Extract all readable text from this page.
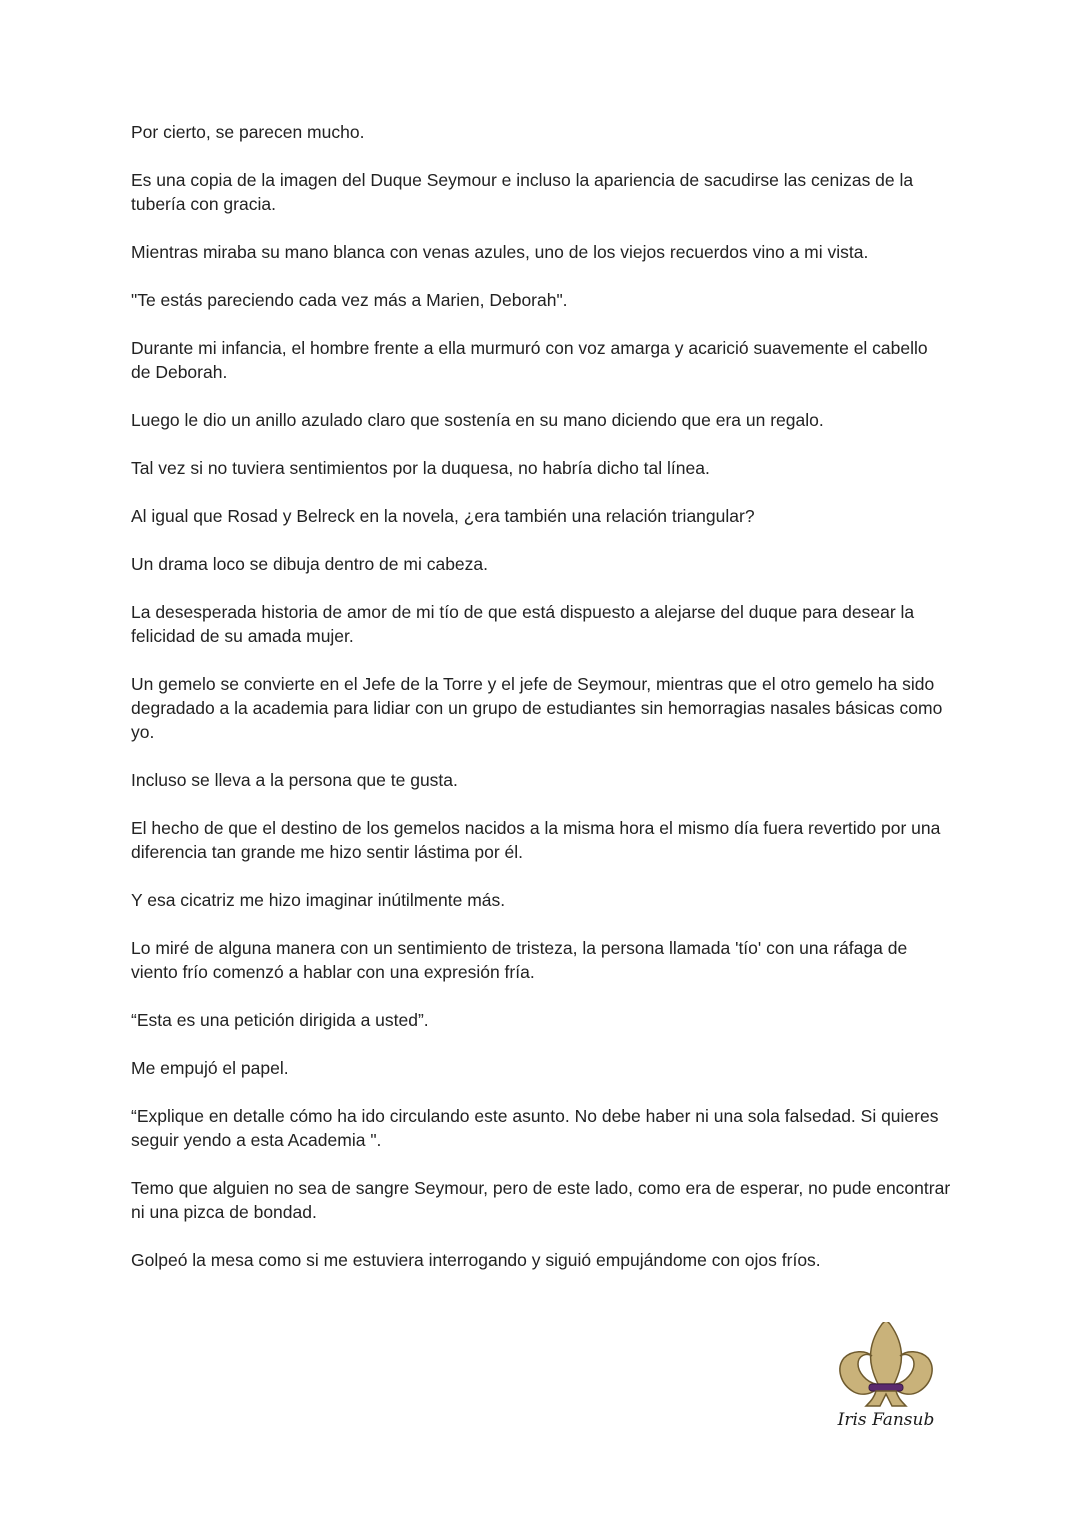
Por cierto, se parecen mucho.

Es una copia de la imagen del Duque Seymour e incluso la apariencia de sacudirse las cenizas de la tubería con gracia.

Mientras miraba su mano blanca con venas azules, uno de los viejos recuerdos vino a mi vista.

"Te estás pareciendo cada vez más a Marien, Deborah".

Durante mi infancia, el hombre frente a ella murmuró con voz amarga y acarició suavemente el cabello de Deborah.

Luego le dio un anillo azulado claro que sostenía en su mano diciendo que era un regalo.

Tal vez si no tuviera sentimientos por la duquesa, no habría dicho tal línea.

Al igual que Rosad y Belreck en la novela, ¿era también una relación triangular?

Un drama loco se dibuja dentro de mi cabeza.

La desesperada historia de amor de mi tío de que está dispuesto a alejarse del duque para desear la felicidad de su amada mujer.

Un gemelo se convierte en el Jefe de la Torre y el jefe de Seymour, mientras que el otro gemelo ha sido degradado a la academia para lidiar con un grupo de estudiantes sin hemorragias nasales básicas como yo.

Incluso se lleva a la persona que te gusta.

El hecho de que el destino de los gemelos nacidos a la misma hora el mismo día fuera revertido por una diferencia tan grande me hizo sentir lástima por él.

Y esa cicatriz me hizo imaginar inútilmente más.

Lo miré de alguna manera con un sentimiento de tristeza, la persona llamada 'tío' con una ráfaga de viento frío comenzó a hablar con una expresión fría.

“Esta es una petición dirigida a usted”.

Me empujó el papel.

“Explique en detalle cómo ha ido circulando este asunto. No debe haber ni una sola falsedad. Si quieres seguir yendo a esta Academia ".

Temo que alguien no sea de sangre Seymour, pero de este lado, como era de esperar, no pude encontrar ni una pizca de bondad.

Golpeó la mesa como si me estuviera interrogando y siguió empujándome con ojos fríos.

Iris Fansub
